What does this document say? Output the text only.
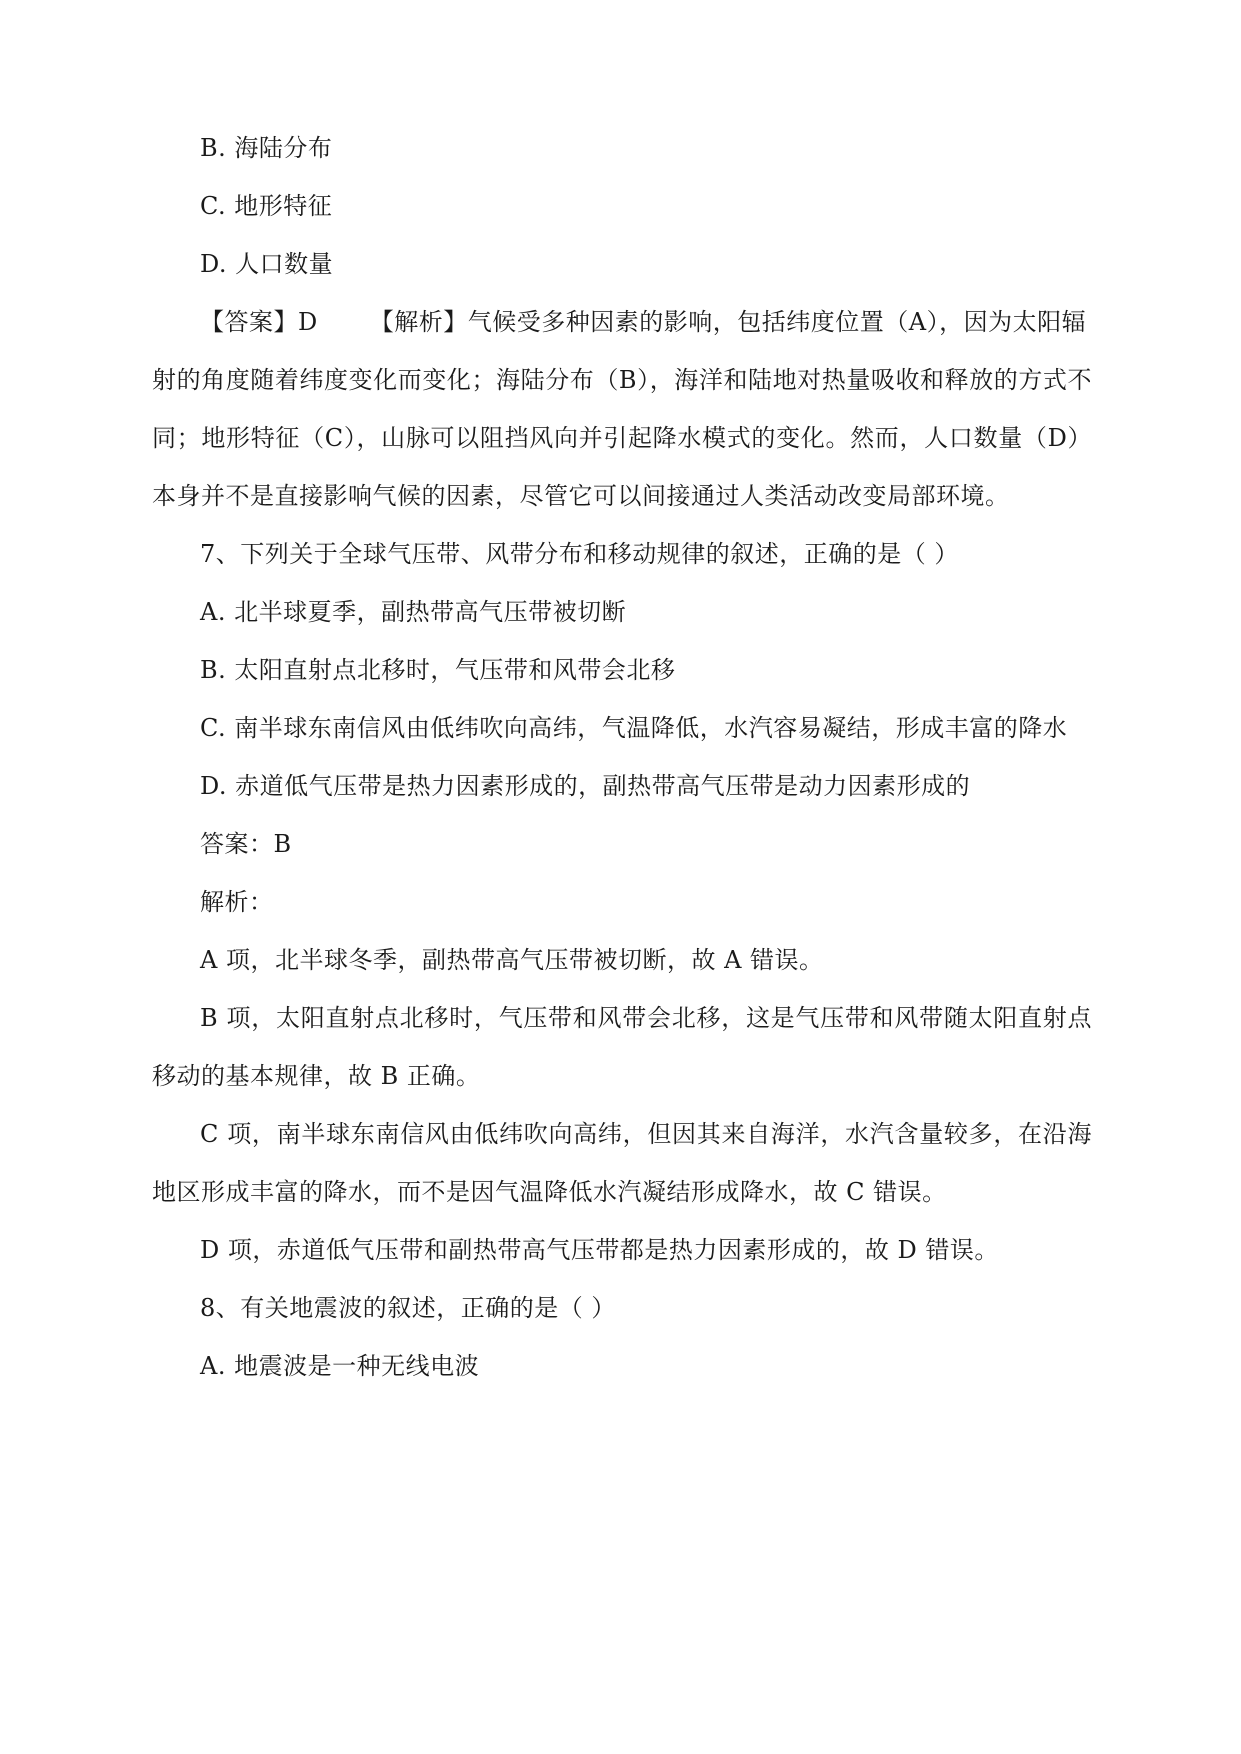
B. 海陆分布
C. 地形特征
D. 人口数量
【答案】D 【解析】气候受多种因素的影响，包括纬度位置（A），因为太阳辐
射的角度随着纬度变化而变化；海陆分布（B），海洋和陆地对热量吸收和释放的方式不
同；地形特征（C），山脉可以阻挡风向并引起降水模式的变化。然而，人口数量（D）
本身并不是直接影响气候的因素，尽管它可以间接通过人类活动改变局部环境。
7、下列关于全球气压带、风带分布和移动规律的叙述，正确的是（ ）
A. 北半球夏季，副热带高气压带被切断
B. 太阳直射点北移时，气压带和风带会北移
C. 南半球东南信风由低纬吹向高纬，气温降低，水汽容易凝结，形成丰富的降水
D. 赤道低气压带是热力因素形成的，副热带高气压带是动力因素形成的
答案：B
解析：
A 项，北半球冬季，副热带高气压带被切断，故 A 错误。
B 项，太阳直射点北移时，气压带和风带会北移，这是气压带和风带随太阳直射点
移动的基本规律，故 B 正确。
C 项，南半球东南信风由低纬吹向高纬，但因其来自海洋，水汽含量较多，在沿海
地区形成丰富的降水，而不是因气温降低水汽凝结形成降水，故 C 错误。
D 项，赤道低气压带和副热带高气压带都是热力因素形成的，故 D 错误。
8、有关地震波的叙述，正确的是（ ）
A. 地震波是一种无线电波
